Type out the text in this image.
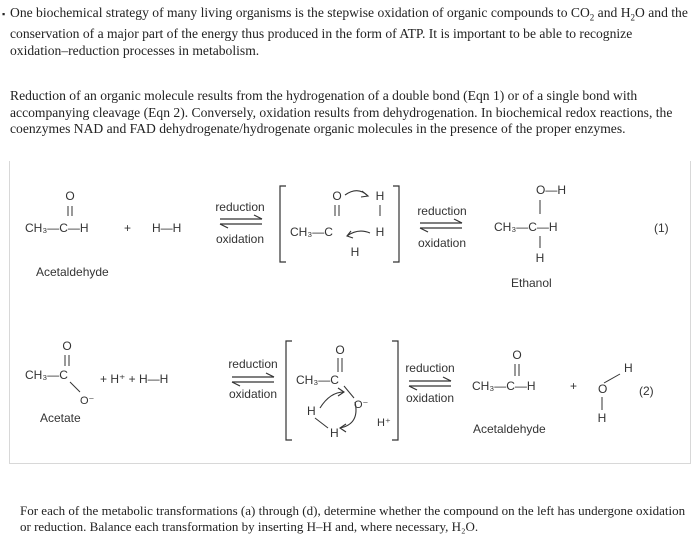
▪ One biochemical strategy of many living organisms is the stepwise oxidation of organic compounds to $CO_2$ and $H_2O$ and the conservation of a major part of the energy thus produced in the form of ATP. It is important to be able to recognize oxidation–reduction processes in metabolism.
Reduction of an organic molecule results from the hydrogenation of a double bond (Eqn 1) or of a single bond with accompanying cleavage (Eqn 2). Conversely, oxidation results from dehydrogenation. In biochemical redox reactions, the coenzymes NAD and FAD dehydrogenate/hydrogenate organic molecules in the presence of the proper enzymes.
O
CH₃—C—H	+ H—H
Acetaldehyde
reduction
oxidation
O
CH₃—C
H
H
H
reduction
oxidation
O—H
CH₃—C—H
H
Ethanol
(1)
O
CH₃—C
O⁻
+ H⁺ + H—H
Acetate
reduction
oxidation
O
CH₃—C
O⁻
H
H
H⁺
reduction
oxidation
O
CH₃—C—H	+
Acetaldehyde
H
O
H
(2)
For each of the metabolic transformations (a) through (d), determine whether the compound on the left has undergone oxidation or reduction. Balance each transformation by inserting H–H and, where necessary, H₂O.
